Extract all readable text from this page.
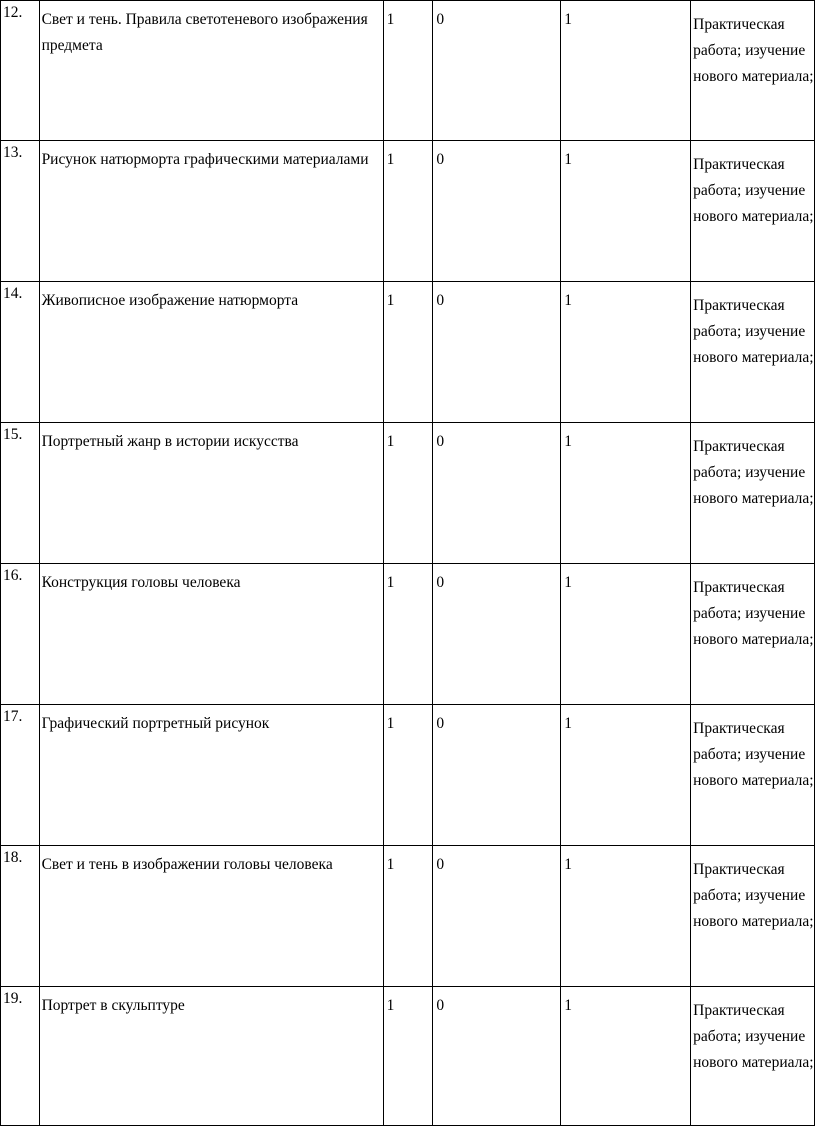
12.	Свет и тень. Правила светотеневого изображения предмета	1	0	1	Практическая работа; изучение нового материала;

13.	Рисунок натюрморта графическими материалами	1	0	1	Практическая работа; изучение нового материала;

14.	Живописное изображение натюрморта	1	0	1	Практическая работа; изучение нового материала;

15.	Портретный жанр в истории искусства	1	0	1	Практическая работа; изучение нового материала;

16.	Конструкция головы человека	1	0	1	Практическая работа; изучение нового материала;

17.	Графический портретный рисунок	1	0	1	Практическая работа; изучение нового материала;

18.	Свет и тень в изображении головы человека	1	0	1	Практическая работа; изучение нового материала;

19.	Портрет в скульптуре	1	0	1	Практическая работа; изучение нового материала;
